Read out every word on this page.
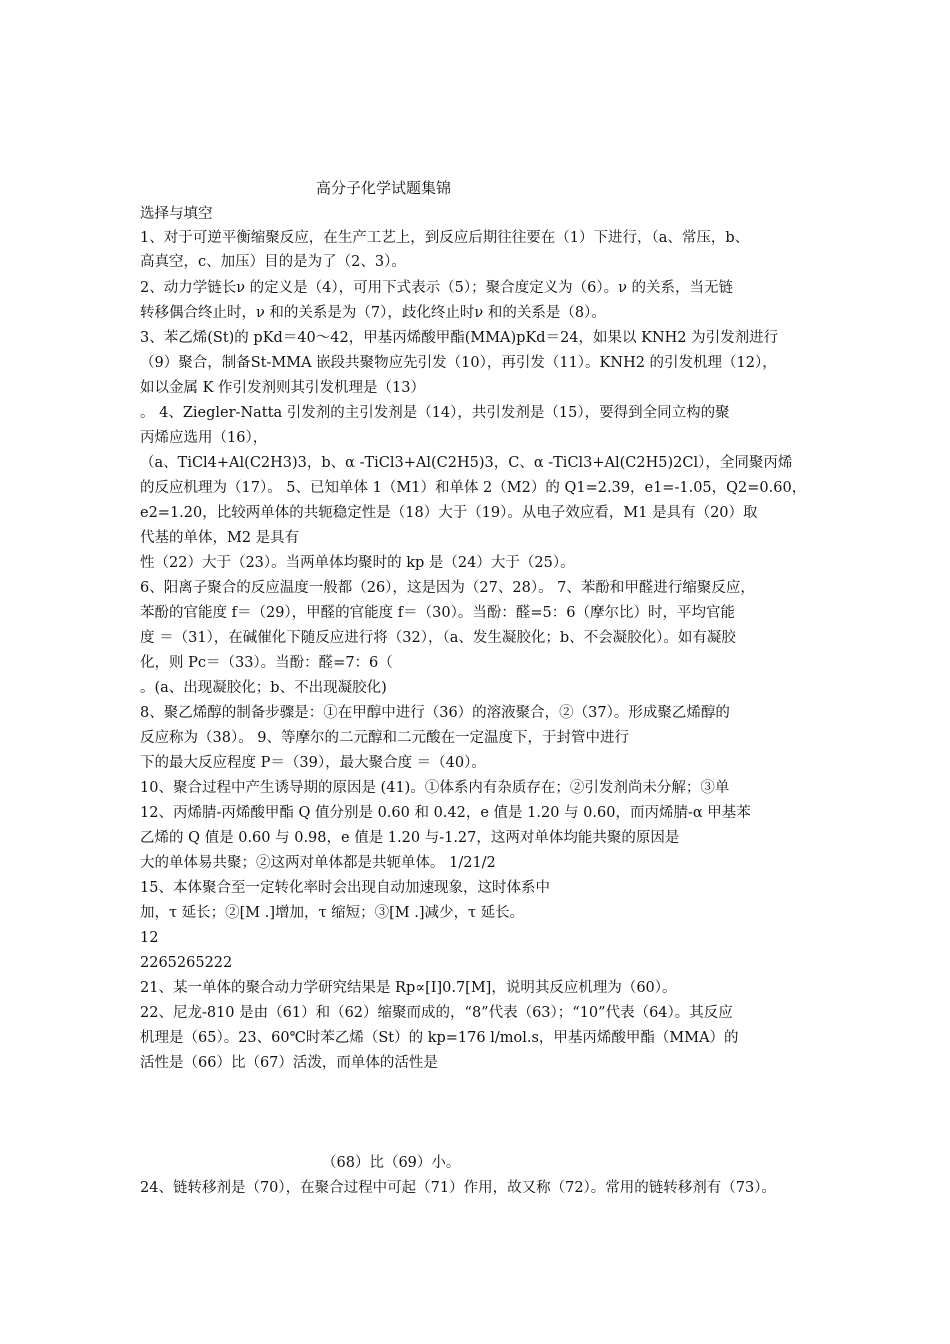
高分子化学试题集锦
选择与填空
1、对于可逆平衡缩聚反应，在生产工艺上，到反应后期往往要在（1）下进行，（a、常压，b、
高真空，c、加压）目的是为了（2、3）。
2、动力学链长ν 的定义是（4），可用下式表示（5）；聚合度定义为（6）。ν 的关系，当无链
转移偶合终止时，ν 和的关系是为（7），歧化终止时ν 和的关系是（8）。
3、苯乙烯(St)的 pKd＝40～42，甲基丙烯酸甲酯(MMA)pKd＝24，如果以 KNH2 为引发剂进行
（9）聚合，制备St-MMA 嵌段共聚物应先引发（10），再引发（11）。KNH2 的引发机理（12），
如以金属 K 作引发剂则其引发机理是（13）
。 4、Ziegler-Natta 引发剂的主引发剂是（14），共引发剂是（15），要得到全同立构的聚
丙烯应选用（16），
（a、TiCl4+Al(C2H3)3，b、α -TiCl3+Al(C2H5)3，C、α -TiCl3+Al(C2H5)2Cl），全同聚丙烯
的反应机理为（17）。 5、已知单体 1（M1）和单体 2（M2）的 Q1=2.39，e1=-1.05，Q2=0.60，
e2=1.20，比较两单体的共轭稳定性是（18）大于（19）。从电子效应看，M1 是具有（20）取
代基的单体，M2 是具有
性（22）大于（23）。当两单体均聚时的 kp 是（24）大于（25）。
6、阳离子聚合的反应温度一般都（26），这是因为（27、28）。 7、苯酚和甲醛进行缩聚反应，
苯酚的官能度 f＝（29），甲醛的官能度 f＝（30）。当酚：醛=5：6（摩尔比）时，平均官能
度 ＝（31），在碱催化下随反应进行将（32），（a、发生凝胶化；b、不会凝胶化）。如有凝胶
化，则 Pc＝（33）。当酚：醛=7：6（
。(a、出现凝胶化；b、不出现凝胶化)
8、聚乙烯醇的制备步骤是：①在甲醇中进行（36）的溶液聚合，②（37）。形成聚乙烯醇的
反应称为（38）。 9、等摩尔的二元醇和二元酸在一定温度下，于封管中进行
下的最大反应程度 P＝（39），最大聚合度 ＝（40）。
10、聚合过程中产生诱导期的原因是 (41)。①体系内有杂质存在；②引发剂尚未分解；③单
12、丙烯腈-丙烯酸甲酯 Q 值分别是 0.60 和 0.42，e 值是 1.20 与 0.60，而丙烯腈-α 甲基苯
乙烯的 Q 值是 0.60 与 0.98，e 值是 1.20 与-1.27，这两对单体均能共聚的原因是
大的单体易共聚；②这两对单体都是共轭单体。 1/21/2
15、本体聚合至一定转化率时会出现自动加速现象，这时体系中
加，τ 延长；②[M .]增加，τ 缩短；③[M .]减少，τ 延长。
12
2265265222
21、某一单体的聚合动力学研究结果是 Rp∝[I]0.7[M]，说明其反应机理为（60）。
22、尼龙-810 是由（61）和（62）缩聚而成的，“8”代表（63）；“10”代表（64）。其反应
机理是（65）。23、60℃时苯乙烯（St）的 kp=176 l/mol.s，甲基丙烯酸甲酯（MMA）的
活性是（66）比（67）活泼，而单体的活性是
（68）比（69）小。
24、链转移剂是（70），在聚合过程中可起（71）作用，故又称（72）。常用的链转移剂有（73）。
